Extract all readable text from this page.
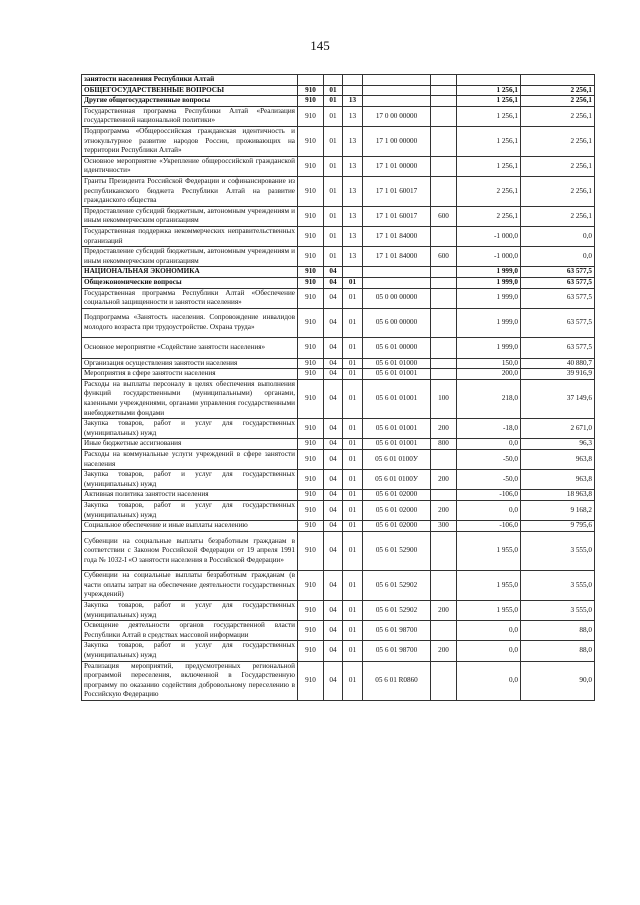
145
занятости населения Республики Алтай							
ОБЩЕГОСУДАРСТВЕННЫЕ ВОПРОСЫ	910	01				1 256,1	2 256,1
Другие общегосударственные вопросы	910	01	13			1 256,1	2 256,1
Государственная программа Республики Алтай «Реализация государственной национальной политики»	910	01	13	17 0 00 00000		1 256,1	2 256,1
Подпрограмма «Общероссийская гражданская идентичность и этнокультурное развитие народов России, проживающих на территории Республики Алтай»	910	01	13	17 1 00 00000		1 256,1	2 256,1
Основное мероприятие «Укрепление общероссийской гражданской идентичности»	910	01	13	17 1 01 00000		1 256,1	2 256,1
Гранты Президента Российской Федерации и софинансирование из республиканского бюджета Республики Алтай на развитие гражданского общества	910	01	13	17 1 01 60017		2 256,1	2 256,1
Предоставление субсидий бюджетным, автономным учреждениям и иным некоммерческим организациям	910	01	13	17 1 01 60017	600	2 256,1	2 256,1
Государственная поддержка некоммерческих неправительственных организаций	910	01	13	17 1 01 84000		-1 000,0	0,0
Предоставление субсидий бюджетным, автономным учреждениям и иным некоммерческим организациям	910	01	13	17 1 01 84000	600	-1 000,0	0,0
НАЦИОНАЛЬНАЯ ЭКОНОМИКА	910	04				1 999,0	63 577,5
Общеэкономические вопросы	910	04	01			1 999,0	63 577,5
Государственная программа Республики Алтай «Обеспечение социальной защищенности и занятости населения»	910	04	01	05 0 00 00000		1 999,0	63 577,5
Подпрограмма «Занятость населения. Сопровождение инвалидов молодого возраста при трудоустройстве. Охрана труда»	910	04	01	05 6 00 00000		1 999,0	63 577,5
Основное мероприятие «Содействие занятости населения»	910	04	01	05 6 01 00000		1 999,0	63 577,5
Организация осуществления занятости населения	910	04	01	05 6 01 01000		150,0	40 880,7
Мероприятия в сфере занятости населения	910	04	01	05 6 01 01001		200,0	39 916,9
Расходы на выплаты персоналу в целях обеспечения выполнения функций государственными (муниципальными) органами, казенными учреждениями, органами управления государственными внебюджетными фондами	910	04	01	05 6 01 01001	100	218,0	37 149,6
Закупка товаров, работ и услуг для государственных (муниципальных) нужд	910	04	01	05 6 01 01001	200	-18,0	2 671,0
Иные бюджетные ассигнования	910	04	01	05 6 01 01001	800	0,0	96,3
Расходы на коммунальные услуги учреждений в сфере занятости населения	910	04	01	05 6 01 0100У		-50,0	963,8
Закупка товаров, работ и услуг для государственных (муниципальных) нужд	910	04	01	05 6 01 0100У	200	-50,0	963,8
Активная политика занятости населения	910	04	01	05 6 01 02000		-106,0	18 963,8
Закупка товаров, работ и услуг для государственных (муниципальных) нужд	910	04	01	05 6 01 02000	200	0,0	9 168,2
Социальное обеспечение и иные выплаты населению	910	04	01	05 6 01 02000	300	-106,0	9 795,6
Субвенции на социальные выплаты безработным гражданам в соответствии с Законом Российской Федерации от 19 апреля 1991 года № 1032-I «О занятости населения в Российской Федерации»	910	04	01	05 6 01 52900		1 955,0	3 555,0
Субвенции на социальные выплаты безработным гражданам (в части оплаты затрат на обеспечение деятельности государственных учреждений)	910	04	01	05 6 01 52902		1 955,0	3 555,0
Закупка товаров, работ и услуг для государственных (муниципальных) нужд	910	04	01	05 6 01 52902	200	1 955,0	3 555,0
Освещение деятельности органов государственной власти Республики Алтай в средствах массовой информации	910	04	01	05 6 01 98700		0,0	88,0
Закупка товаров, работ и услуг для государственных (муниципальных) нужд	910	04	01	05 6 01 98700	200	0,0	88,0
Реализация мероприятий, предусмотренных региональной программой переселения, включенной в Государственную программу по оказанию содействия добровольному переселению в Российскую Федерацию	910	04	01	05 6 01 R0860		0,0	90,0
